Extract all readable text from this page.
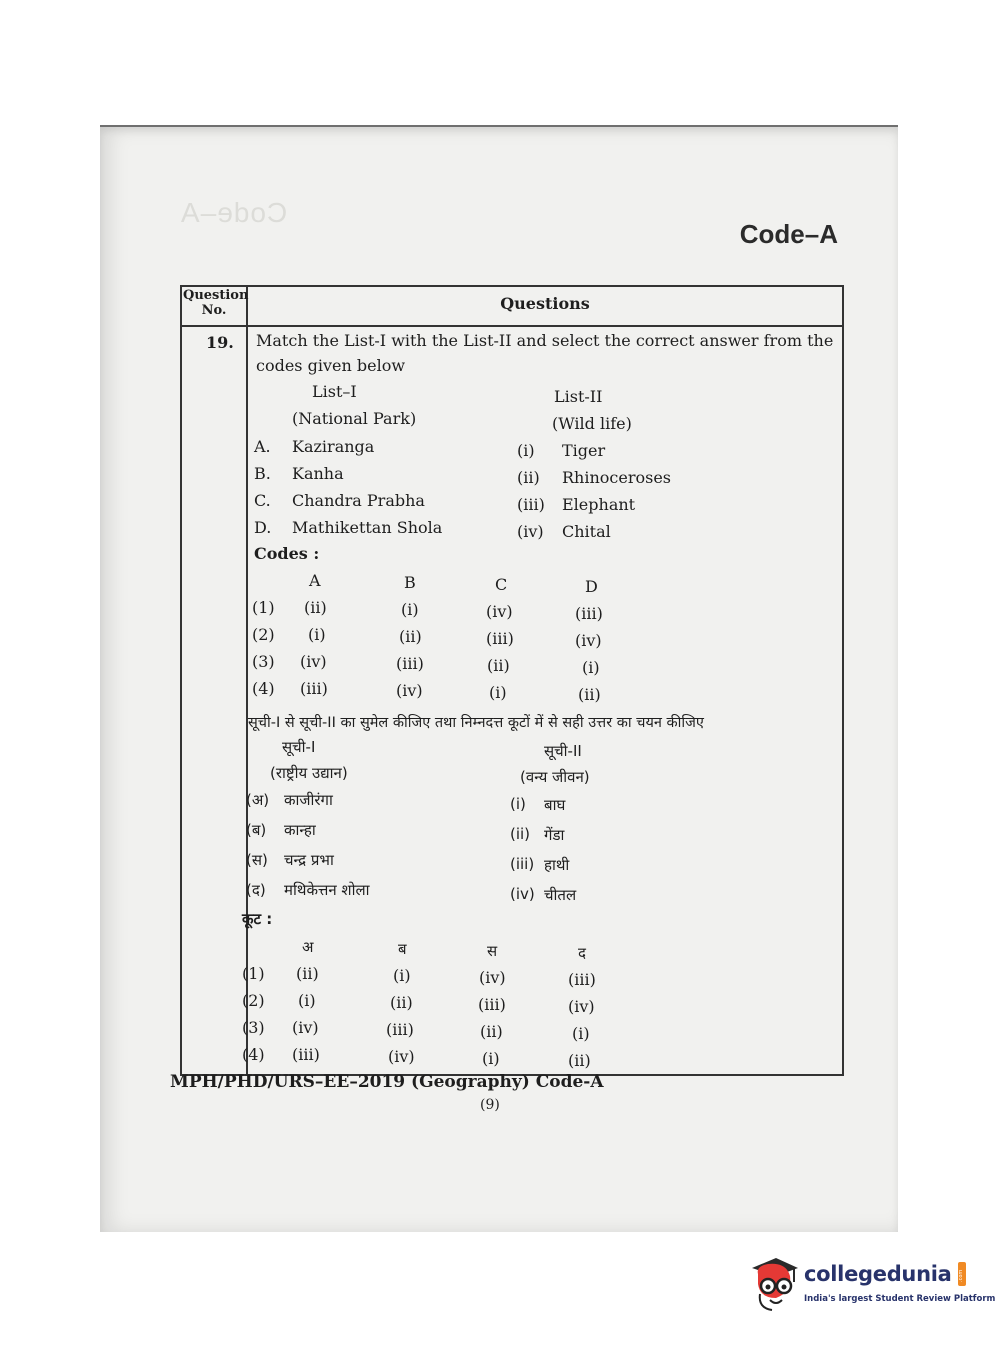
Code–A
Code–A
Question No.	Questions
19. Match the List-I with the List-II and select the correct answer from the
codes given below
List–I
(National Park)
List-II
(Wild life)
A. Kaziranga
B. Kanha
C. Chandra Prabha
D. Mathikettan Shola
(i) Tiger
(ii) Rhinoceroses
(iii) Elephant
(iv) Chital
Codes :
A	B	C	D
(1) (ii)	(i)	(iv)	(iii)
(2) (i)	(ii)	(iii)	(iv)
(3) (iv)	(iii)	(ii)	(i)
(4) (iii)	(iv)	(i)	(ii)
सूची-I से सूची-II का सुमेल कीजिए तथा निम्नदत्त कूटों में से सही उत्तर का चयन कीजिए
सूची-I
(राष्ट्रीय उद्यान)
सूची-II
(वन्य जीवन)
(अ) काजीरंगा
(ब) कान्हा
(स) चन्द्र प्रभा
(द) मथिकेत्तन शोला
(i) बाघ
(ii) गेंडा
(iii) हाथी
(iv) चीतल
कूट :
अ	ब	स	द
(1) (ii)	(i)	(iv)	(iii)
(2) (i)	(ii)	(iii)	(iv)
(3) (iv)	(iii)	(ii)	(i)
(4) (iii)	(iv)	(i)	(ii)
MPH/PHD/URS–EE–2019 (Geography) Code-A
(9)
collegedunia .com
India's largest Student Review Platform
